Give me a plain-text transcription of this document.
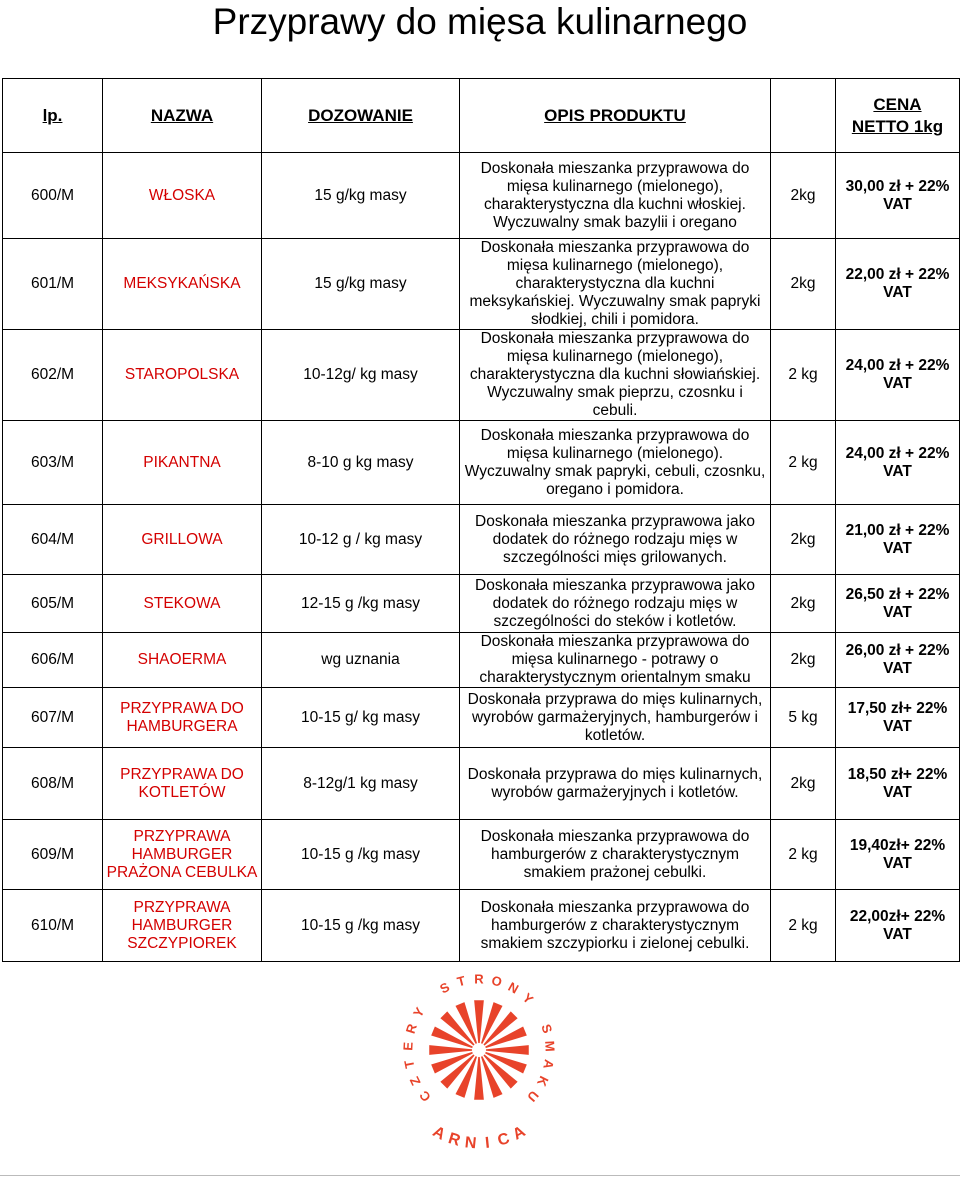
Przyprawy do mięsa kulinarnego
lp.	NAZWA	DOZOWANIE	OPIS PRODUKTU		CENA
NETTO 1kg
600/M	WŁOSKA	15 g/kg masy	Doskonała mieszanka przyprawowa do mięsa kulinarnego (mielonego), charakterystyczna dla kuchni włoskiej. Wyczuwalny smak bazylii i oregano	2kg	30,00 zł + 22% VAT
601/M	MEKSYKAŃSKA	15 g/kg masy	Doskonała mieszanka przyprawowa do mięsa kulinarnego (mielonego), charakterystyczna dla kuchni meksykańskiej. Wyczuwalny smak papryki słodkiej, chili i pomidora.	2kg	22,00 zł + 22% VAT
602/M	STAROPOLSKA	10-12g/ kg masy	Doskonała mieszanka przyprawowa do mięsa kulinarnego (mielonego), charakterystyczna dla kuchni słowiańskiej. Wyczuwalny smak pieprzu, czosnku i cebuli.	2 kg	24,00 zł + 22% VAT
603/M	PIKANTNA	8-10 g kg masy	Doskonała mieszanka przyprawowa do mięsa kulinarnego (mielonego). Wyczuwalny smak papryki, cebuli, czosnku, oregano i pomidora.	2 kg	24,00 zł + 22% VAT
604/M	GRILLOWA	10-12 g / kg masy	Doskonała mieszanka przyprawowa jako dodatek do różnego rodzaju mięs w szczególności mięs grilowanych.	2kg	21,00 zł + 22% VAT
605/M	STEKOWA	12-15 g /kg masy	Doskonała mieszanka przyprawowa jako dodatek do różnego rodzaju mięs w szczególności do steków i kotletów.	2kg	26,50 zł + 22% VAT
606/M	SHAOERMA	wg uznania	Doskonała mieszanka przyprawowa do mięsa kulinarnego - potrawy o charakterystycznym orientalnym smaku	2kg	26,00 zł + 22% VAT
607/M	PRZYPRAWA DO HAMBURGERA	10-15 g/ kg masy	Doskonała przyprawa do mięs kulinarnych, wyrobów garmażeryjnych, hamburgerów i kotletów.	5 kg	17,50 zł+ 22% VAT
608/M	PRZYPRAWA DO KOTLETÓW	8-12g/1 kg masy	Doskonała przyprawa do mięs kulinarnych, wyrobów garmażeryjnych i kotletów.	2kg	18,50 zł+ 22% VAT
609/M	PRZYPRAWA HAMBURGER PRAŻONA CEBULKA	10-15 g /kg masy	Doskonała mieszanka przyprawowa do hamburgerów z charakterystycznym smakiem prażonej cebulki.	2 kg	19,40zł+ 22% VAT
610/M	PRZYPRAWA HAMBURGER SZCZYPIOREK	10-15 g /kg masy	Doskonała mieszanka przyprawowa do hamburgerów z charakterystycznym smakiem szczypiorku i zielonej cebulki.	2 kg	22,00zł+ 22% VAT
C
Z
T
E
R
Y
S T R O N
Y
S
M
A
K
U
A
R N I C
A
